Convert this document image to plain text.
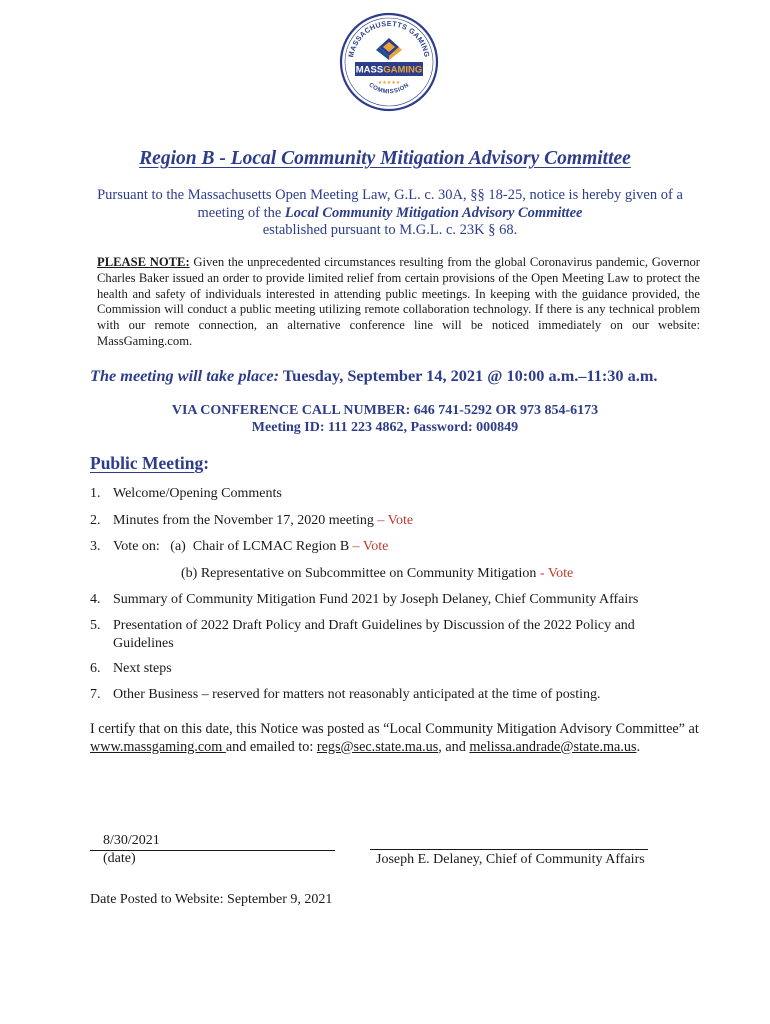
MASSACHUSETTS GAMING
MASSGAMING
★★★★★
COMMISSION
Region B - Local Community Mitigation Advisory Committee
Pursuant to the Massachusetts Open Meeting Law, G.L. c. 30A, §§ 18-25, notice is hereby given of a meeting of the Local Community Mitigation Advisory Committee
established pursuant to M.G.L. c. 23K § 68.
PLEASE NOTE: Given the unprecedented circumstances resulting from the global Coronavirus pandemic, Governor Charles Baker issued an order to provide limited relief from certain provisions of the Open Meeting Law to protect the health and safety of individuals interested in attending public meetings. In keeping with the guidance provided, the Commission will conduct a public meeting utilizing remote collaboration technology. If there is any technical problem with our remote connection, an alternative conference line will be noticed immediately on our website: MassGaming.com.
The meeting will take place: Tuesday, September 14, 2021 @ 10:00 a.m.–11:30 a.m.
VIA CONFERENCE CALL NUMBER: 646 741-5292 OR 973 854-6173
Meeting ID: 111 223 4862, Password: 000849
Public Meeting:
1. Welcome/Opening Comments
2. Minutes from the November 17, 2020 meeting – Vote
3. Vote on:   (a)  Chair of LCMAC Region B – Vote
(b) Representative on Subcommittee on Community Mitigation - Vote
4. Summary of Community Mitigation Fund 2021 by Joseph Delaney, Chief Community Affairs
5. Presentation of 2022 Draft Policy and Draft Guidelines by Discussion of the 2022 Policy and Guidelines
6. Next steps
7. Other Business – reserved for matters not reasonably anticipated at the time of posting.
I certify that on this date, this Notice was posted as “Local Community Mitigation Advisory Committee” at www.massgaming.com and emailed to: regs@sec.state.ma.us, and melissa.andrade@state.ma.us.
8/30/2021
(date)	Joseph E. Delaney, Chief of Community Affairs
Date Posted to Website: September 9, 2021
